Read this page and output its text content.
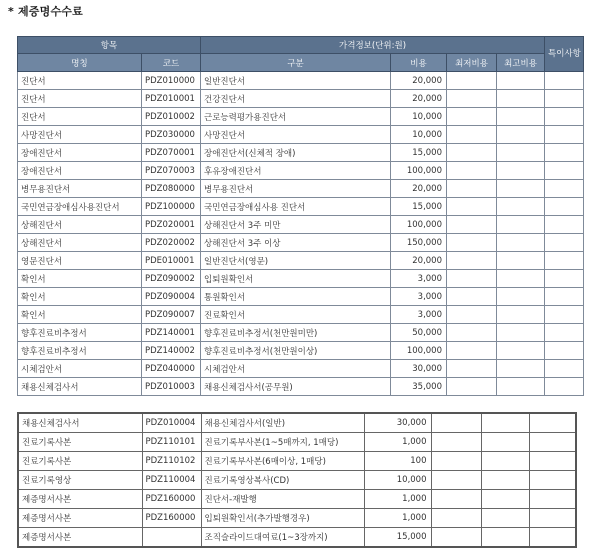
* 제증명수수료
항목		가격정보(단위:원)				특이사항
명칭	코드	구분	비용	최저비용	최고비용	
진단서	PDZ010000	일반진단서	20,000			
진단서	PDZ010001	건강진단서	20,000			
진단서	PDZ010002	근로능력평가용진단서	10,000			
사망진단서	PDZ030000	사망진단서	10,000			
장애진단서	PDZ070001	장애진단서(신체적 장애)	15,000			
장애진단서	PDZ070003	후유장애진단서	100,000			
병무용진단서	PDZ080000	병무용진단서	20,000			
국민연금장애심사용진단서	PDZ100000	국민연금장애심사용 진단서	15,000			
상해진단서	PDZ020001	상해진단서 3주 미만	100,000			
상해진단서	PDZ020002	상해진단서 3주 이상	150,000			
영문진단서	PDE010001	일반진단서(영문)	20,000			
확인서	PDZ090002	입퇴원확인서	3,000			
확인서	PDZ090004	통원확인서	3,000			
확인서	PDZ090007	진료확인서	3,000			
향후진료비추정서	PDZ140001	향후진료비추정서(천만원미만)	50,000			
향후진료비추정서	PDZ140002	향후진료비추정서(천만원이상)	100,000			
시체검안서	PDZ040000	시체검안서	30,000			
채용신체검사서	PDZ010003	채용신체검사서(공무원)	35,000			
채용신체검사서	PDZ010004	채용신체검사서(일반)	30,000			
진료기록사본	PDZ110101	진료기록부사본(1~5매까지, 1매당)	1,000			
진료기록사본	PDZ110102	진료기록부사본(6매이상, 1매당)	100			
진료기록영상	PDZ110004	진료기록영상복사(CD)	10,000			
제증명서사본	PDZ160000	진단서-재발행	1,000			
제증명서사본	PDZ160000	입퇴원확인서(추가발행경우)	1,000			
제증명서사본		조직슬라이드대여료(1~3장까지)	15,000			
